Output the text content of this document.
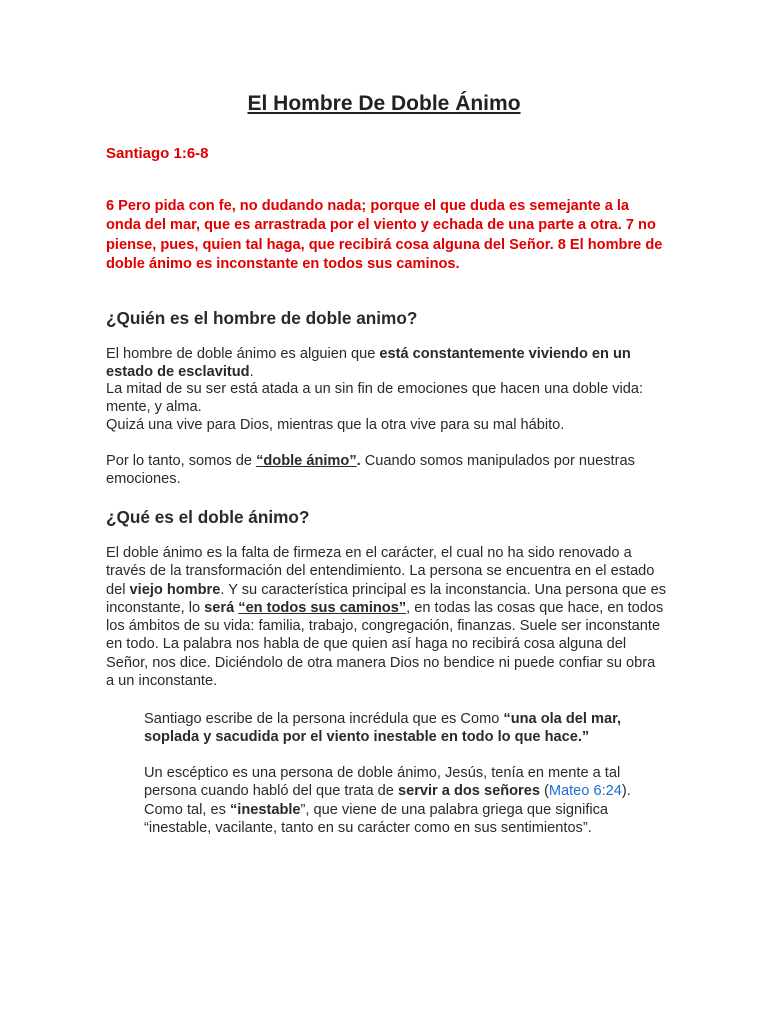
El Hombre De Doble Ánimo
Santiago 1:6-8
6 Pero pida con fe, no dudando nada; porque el que duda es semejante a la onda del mar, que es arrastrada por el viento y echada de una parte a otra. 7 no piense, pues, quien tal haga, que recibirá cosa alguna del Señor. 8 El hombre de doble ánimo es inconstante en todos sus caminos.
¿Quién es el hombre de doble animo?
El hombre de doble ánimo es alguien que está constantemente viviendo en un estado de esclavitud.
La mitad de su ser está atada a un sin fin de emociones que hacen una doble vida: mente, y alma.
Quizá una vive para Dios, mientras que la otra vive para su mal hábito.
Por lo tanto, somos de “doble ánimo”. Cuando somos manipulados por nuestras emociones.
¿Qué es el doble ánimo?
El doble ánimo es la falta de firmeza en el carácter, el cual no ha sido renovado a través de la transformación del entendimiento. La persona se encuentra en el estado del viejo hombre. Y su característica principal es la inconstancia. Una persona que es inconstante, lo será “en todos sus caminos”, en todas las cosas que hace, en todos los ámbitos de su vida: familia, trabajo, congregación, finanzas. Suele ser inconstante en todo. La palabra nos habla de que quien así haga no recibirá cosa alguna del Señor, nos dice. Diciéndolo de otra manera Dios no bendice ni puede confiar su obra a un inconstante.
Santiago escribe de la persona incrédula que es Como “una ola del mar, soplada y sacudida por el viento inestable en todo lo que hace.”
Un escéptico es una persona de doble ánimo, Jesús, tenía en mente a tal persona cuando habló del que trata de servir a dos señores (Mateo 6:24). Como tal, es “inestable”, que viene de una palabra griega que significa “inestable, vacilante, tanto en su carácter como en sus sentimientos”.
